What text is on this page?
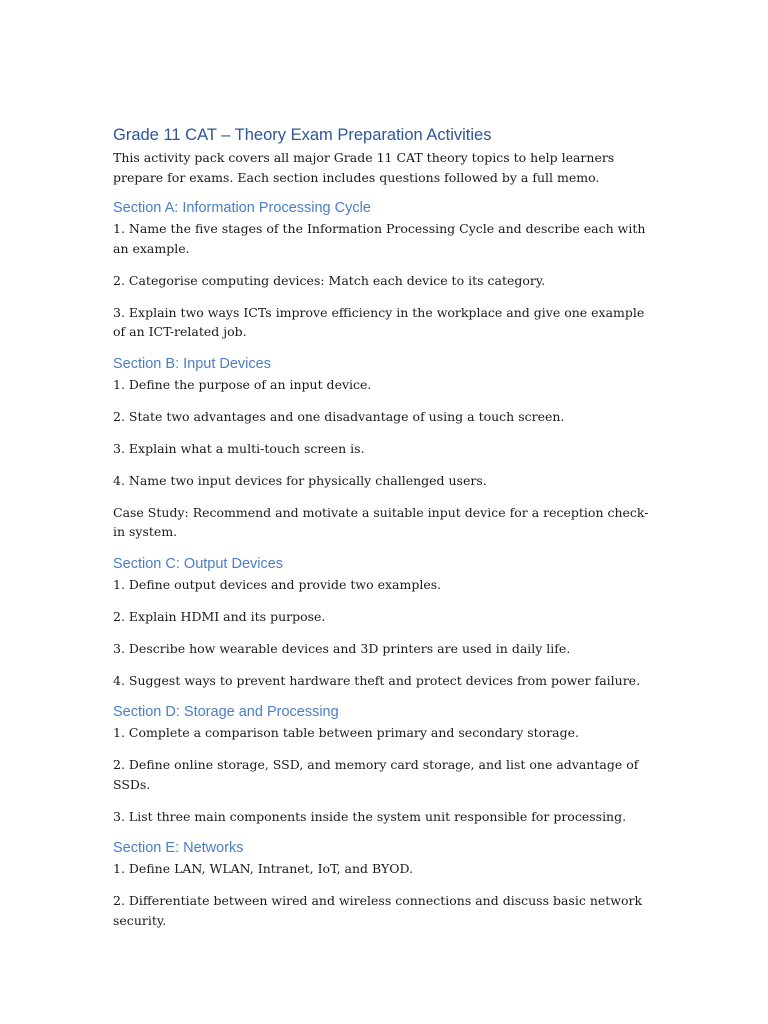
Grade 11 CAT – Theory Exam Preparation Activities

This activity pack covers all major Grade 11 CAT theory topics to help learners prepare for exams. Each section includes questions followed by a full memo.

Section A: Information Processing Cycle

1. Name the five stages of the Information Processing Cycle and describe each with an example.

2. Categorise computing devices: Match each device to its category.

3. Explain two ways ICTs improve efficiency in the workplace and give one example of an ICT-related job.

Section B: Input Devices

1. Define the purpose of an input device.

2. State two advantages and one disadvantage of using a touch screen.

3. Explain what a multi-touch screen is.

4. Name two input devices for physically challenged users.

Case Study: Recommend and motivate a suitable input device for a reception check-in system.

Section C: Output Devices

1. Define output devices and provide two examples.

2. Explain HDMI and its purpose.

3. Describe how wearable devices and 3D printers are used in daily life.

4. Suggest ways to prevent hardware theft and protect devices from power failure.

Section D: Storage and Processing

1. Complete a comparison table between primary and secondary storage.

2. Define online storage, SSD, and memory card storage, and list one advantage of SSDs.

3. List three main components inside the system unit responsible for processing.

Section E: Networks

1. Define LAN, WLAN, Intranet, IoT, and BYOD.

2. Differentiate between wired and wireless connections and discuss basic network security.
